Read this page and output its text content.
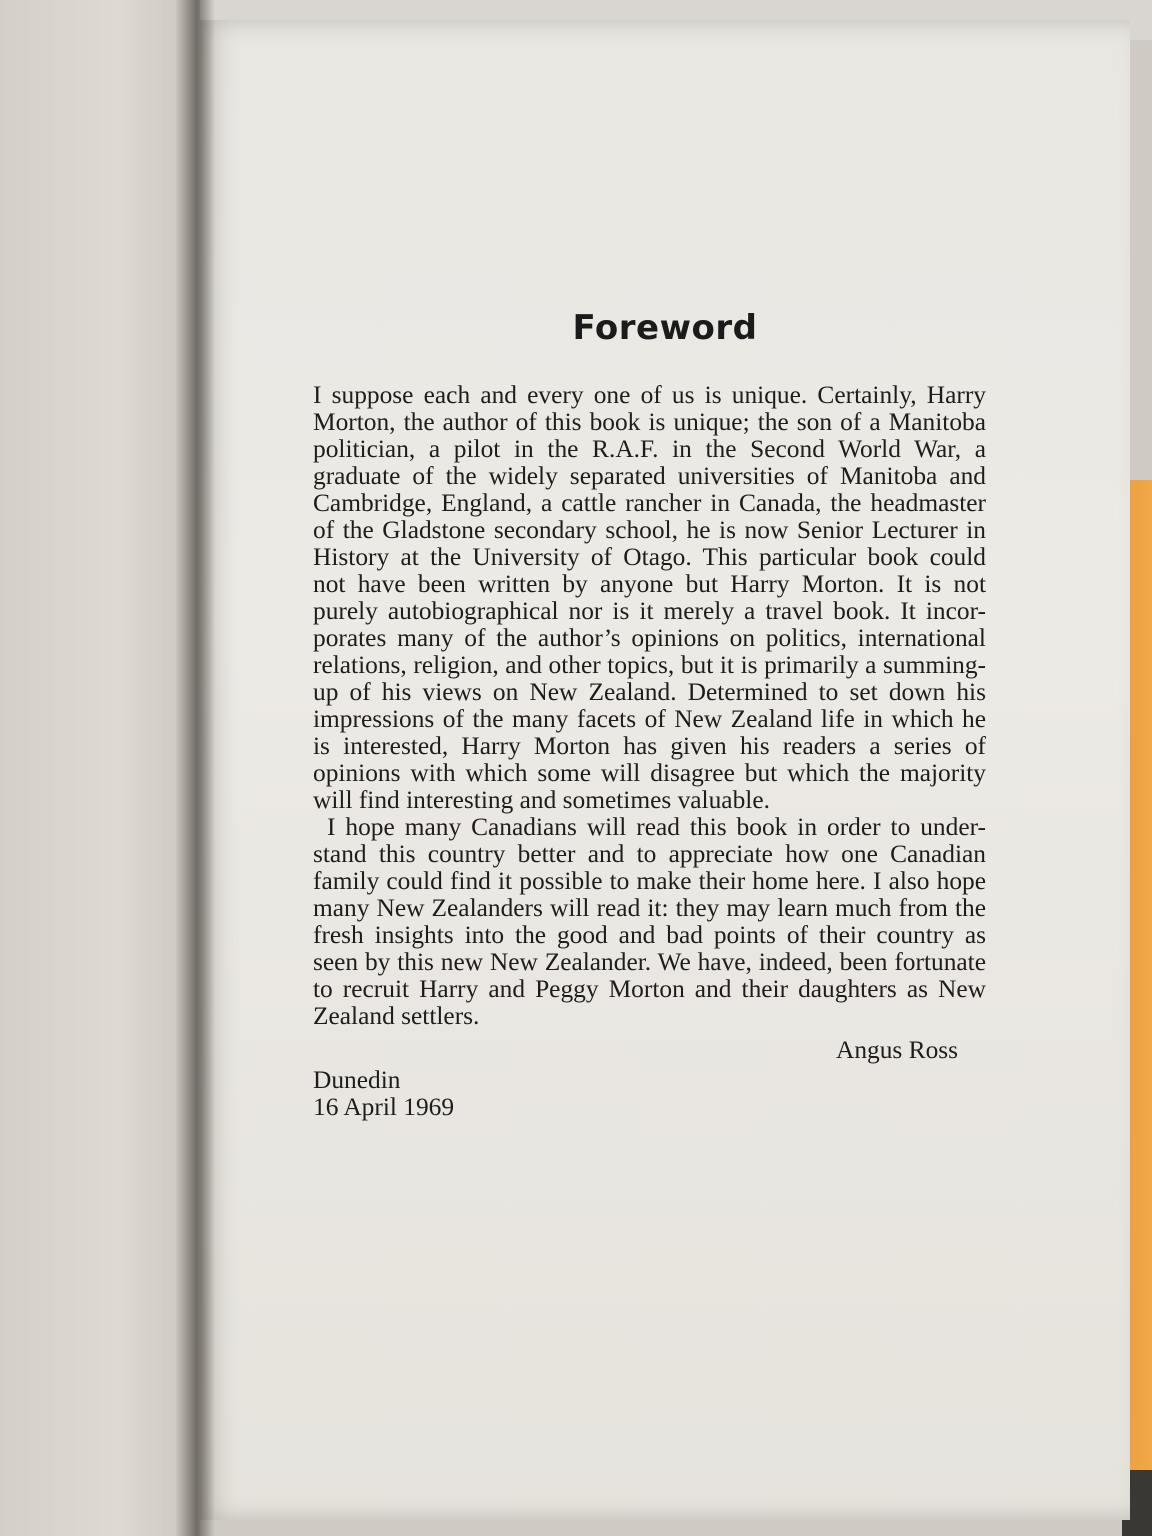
Foreword
I suppose each and every one of us is unique. Certainly, Harry
Morton, the author of this book is unique; the son of a Manitoba
politician, a pilot in the R.A.F. in the Second World War, a
graduate of the widely separated universities of Manitoba and
Cambridge, England, a cattle rancher in Canada, the headmaster
of the Gladstone secondary school, he is now Senior Lecturer in
History at the University of Otago. This particular book could
not have been written by anyone but Harry Morton. It is not
purely autobiographical nor is it merely a travel book. It incor-
porates many of the author’s opinions on politics, international
relations, religion, and other topics, but it is primarily a summing-
up of his views on New Zealand. Determined to set down his
impressions of the many facets of New Zealand life in which he
is interested, Harry Morton has given his readers a series of
opinions with which some will disagree but which the majority
will find interesting and sometimes valuable.
I hope many Canadians will read this book in order to under-
stand this country better and to appreciate how one Canadian
family could find it possible to make their home here. I also hope
many New Zealanders will read it: they may learn much from the
fresh insights into the good and bad points of their country as
seen by this new New Zealander. We have, indeed, been fortunate
to recruit Harry and Peggy Morton and their daughters as New
Zealand settlers.
Angus Ross
Dunedin
16 April 1969
